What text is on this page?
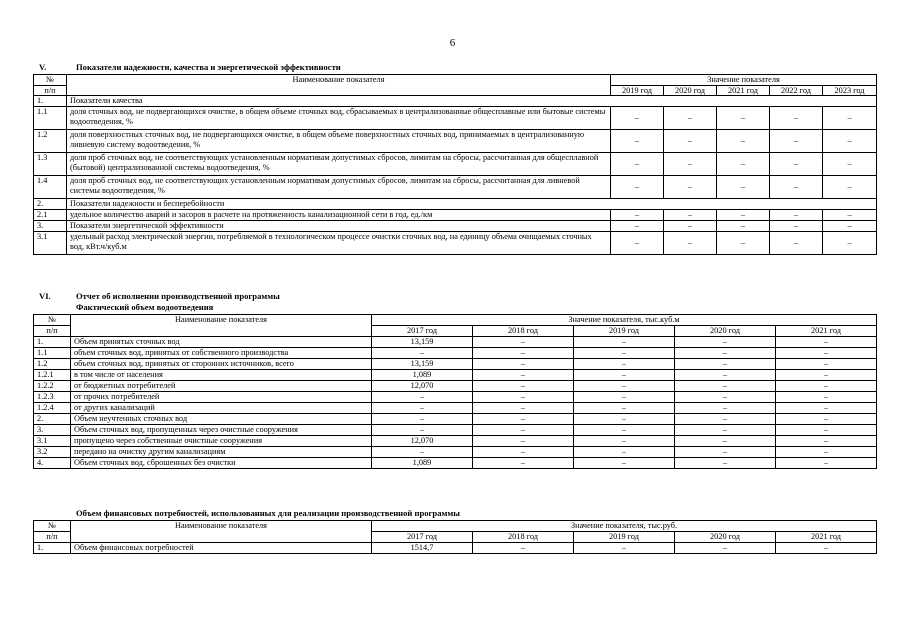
6
V.	Показатели надежности, качества и энергетической эффективности
№	Наименование показателя	Значение показателя				
п/п		2019 год	2020 год	2021 год	2022 год	2023 год
1.	Показатели качества					
1.1	доля сточных вод, не подвергающихся очистке, в общем объеме сточных вод, сбрасываемых в централизованные общесплавные или бытовые системы водоотведения, %	–	–	–	–	–
1.2	доля поверхностных сточных вод, не подвергающихся очистке, в общем объеме поверхностных сточных вод, принимаемых в централизованную ливневую систему водоотведения, %	–	–	–	–	–
1.3	доля проб сточных вод, не соответствующих установленным нормативам допустимых сбросов, лимитам на сбросы, рассчитанная для общесплавной (бытовой) централизованной системы водоотведения, %	–	–	–	–	–
1.4	доля проб сточных вод, не соответствующих установленным нормативам допустимых сбросов, лимитам на сбросы, рассчитанная для ливневой системы водоотведения, %	–	–	–	–	–
2.	Показатели надежности и бесперебойности					
2.1	удельное количество аварий и засоров в расчете на протяженность канализационной сети в год, ед./км	–	–	–	–	–
3.	Показатели энергетической эффективности	–	–	–	–	–
3.1	удельный расход электрической энергии, потребляемой в технологическом процессе очистки сточных вод, на единицу объема очищаемых сточных вод, кВт.ч/куб.м	–	–	–	–	–
VI.	Отчет об исполнении производственной программы
Фактический объем водоотведения
№	Наименование показателя	Значение показателя, тыс.куб.м				
п/п		2017 год	2018 год	2019 год	2020 год	2021 год
1.	Объем принятых сточных вод	13,159	–	–	–	–
1.1	объем сточных вод, принятых от собственного производства	–	–	–	–	–
1.2	объем сточных вод, принятых от сторонних источников, всего	13,159	–	–	–	–
1.2.1	в том числе от населения	1,089	–	–	–	–
1.2.2	от бюджетных потребителей	12,070	–	–	–	–
1.2.3	от прочих потребителей	–	–	–	–	–
1.2.4	от других канализаций	–	–	–	–	–
2.	Объем неучтенных сточных вод	–	–	–	–	–
3.	Объем сточных вод, пропущенных через очистные сооружения	–	–	–	–	–
3.1	пропущено через собственные очистные сооружения	12,070	–	–	–	–
3.2	передано на очистку другим канализациям	–	–	–	–	–
4.	Объем сточных вод, сброшенных без очистки	1,089	–	–	–	–
Объем финансовых потребностей, использованных для реализации производственной программы
№	Наименование показателя	Значение показателя, тыс.руб.				
п/п		2017 год	2018 год	2019 год	2020 год	2021 год
1.	Объем финансовых потребностей	1514,7	–	–	–	–
